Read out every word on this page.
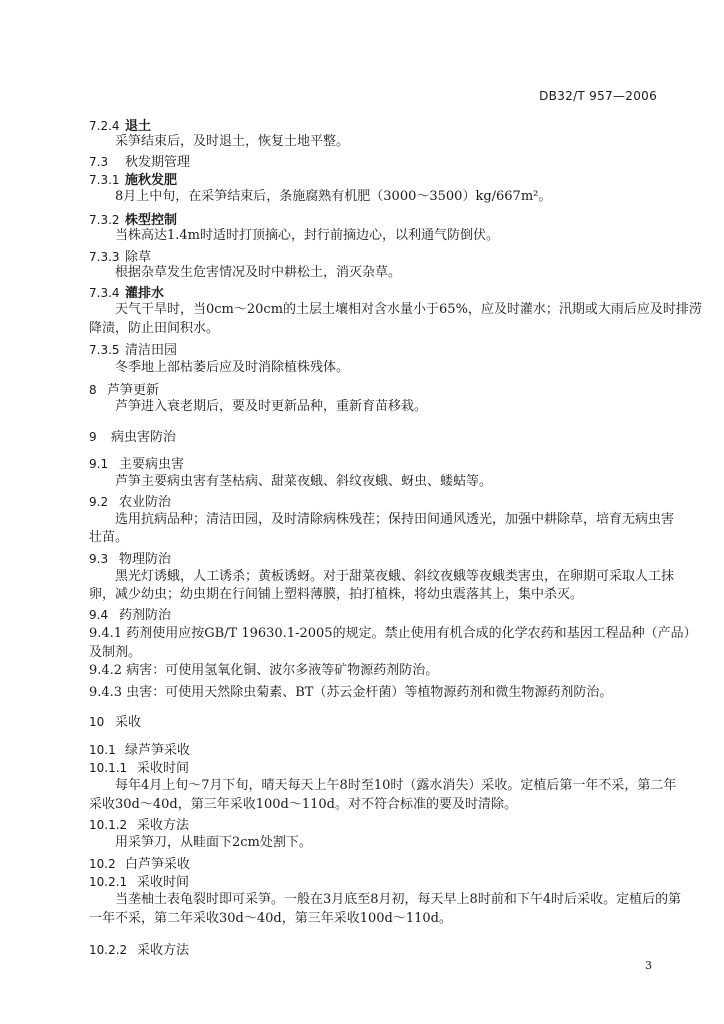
DB32/T 957—2006
7.2.4 退土
采笋结束后，及时退土，恢复土地平整。
7.3 秋发期管理
7.3.1 施秋发肥
8月上中旬，在采笋结束后，条施腐熟有机肥（3000～3500）kg/667m²。
7.3.2 株型控制
当株高达1.4m时适时打顶摘心，封行前摘边心，以利通气防倒伏。
7.3.3 除草
根据杂草发生危害情况及时中耕松土，消灭杂草。
7.3.4 灌排水
天气干旱时，当0cm～20cm的土层土壤相对含水量小于65%，应及时灌水；汛期或大雨后应及时排涝
降渍，防止田间积水。
7.3.5 清洁田园
冬季地上部枯萎后应及时消除植株残体。
8 芦笋更新
芦笋进入衰老期后，要及时更新品种，重新育苗移栽。
9 病虫害防治
9.1 主要病虫害
芦笋主要病虫害有茎枯病、甜菜夜蛾、斜纹夜蛾、蚜虫、蝼蛄等。
9.2 农业防治
选用抗病品种；清洁田园，及时清除病株残茬；保持田间通风透光，加强中耕除草，培育无病虫害
壮苗。
9.3 物理防治
黑光灯诱蛾，人工诱杀；黄板诱蚜。对于甜菜夜蛾、斜纹夜蛾等夜蛾类害虫，在卵期可采取人工抹
卵，减少幼虫；幼虫期在行间铺上塑料薄膜，拍打植株，将幼虫震落其上，集中杀灭。
9.4 药剂防治
9.4.1 药剂使用应按GB/T 19630.1-2005的规定。禁止使用有机合成的化学农药和基因工程品种（产品）
及制剂。
9.4.2 病害：可使用氢氧化铜、波尔多液等矿物源药剂防治。
9.4.3 虫害：可使用天然除虫菊素、BT（苏云金杆菌）等植物源药剂和微生物源药剂防治。
10 采收
10.1 绿芦笋采收
10.1.1 采收时间
每年4月上旬～7月下旬，晴天每天上午8时至10时（露水消失）采收。定植后第一年不采，第二年
采收30d～40d，第三年采收100d～110d。对不符合标准的要及时清除。
10.1.2 采收方法
用采笋刀，从畦面下2cm处割下。
10.2 白芦笋采收
10.2.1 采收时间
当垄柚土表龟裂时即可采笋。一般在3月底至8月初，每天早上8时前和下午4时后采收。定植后的第
一年不采，第二年采收30d～40d，第三年采收100d～110d。
10.2.2 采收方法
3
